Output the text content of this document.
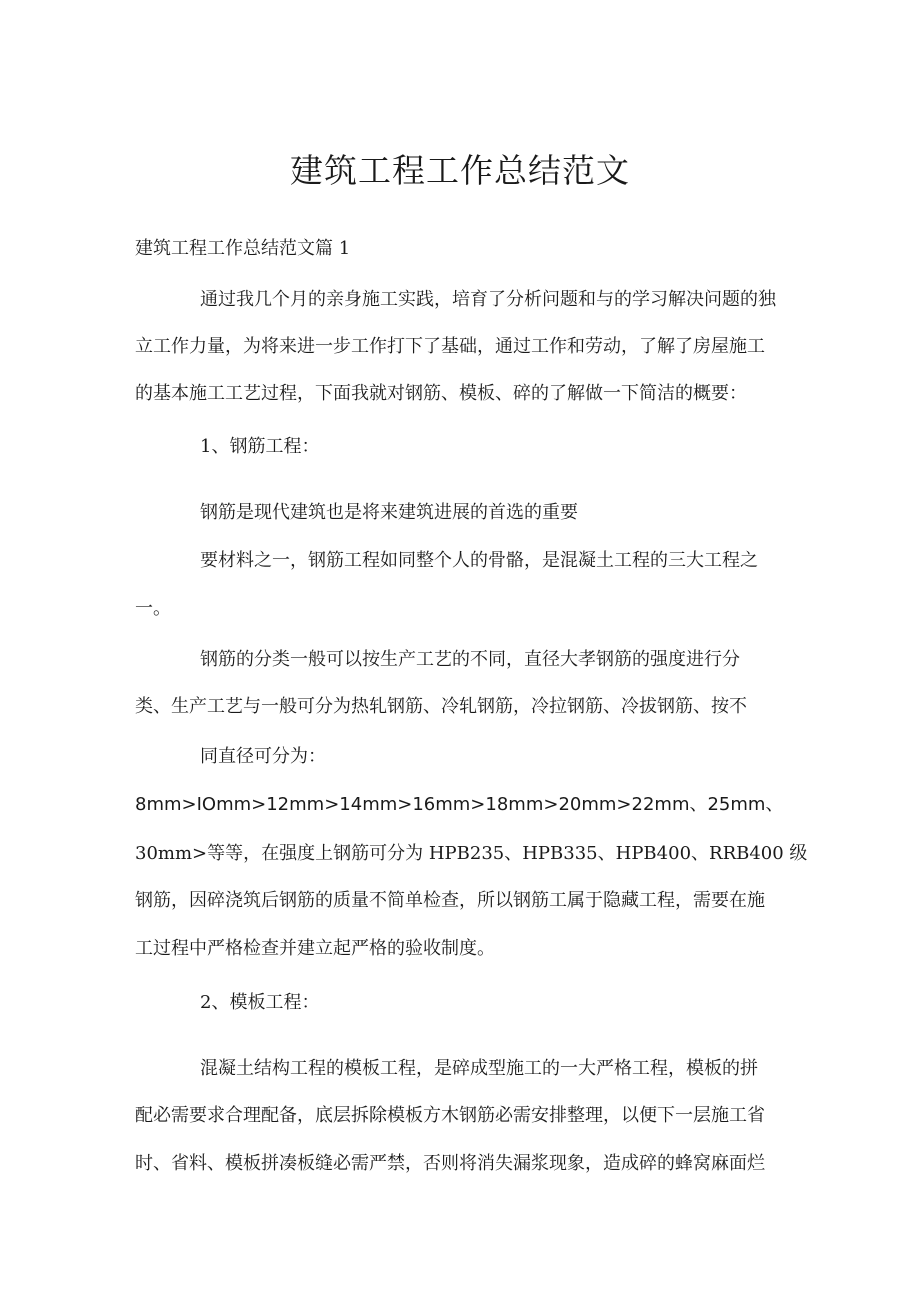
建筑工程工作总结范文
建筑工程工作总结范文篇 1
通过我几个月的亲身施工实践，培育了分析问题和与的学习解决问题的独
立工作力量，为将来进一步工作打下了基础，通过工作和劳动，了解了房屋施工
的基本施工工艺过程，下面我就对钢筋、模板、碎的了解做一下简洁的概要：
1、钢筋工程：
钢筋是现代建筑也是将来建筑进展的首选的重要
要材料之一，钢筋工程如同整个人的骨骼，是混凝土工程的三大工程之
一。
钢筋的分类一般可以按生产工艺的不同，直径大孝钢筋的强度进行分
类、生产工艺与一般可分为热轧钢筋、冷轧钢筋，冷拉钢筋、冷拔钢筋、按不
同直径可分为：
8mm>IOmm>12mm>14mm>16mm>18mm>20mm>22mm、25mm、
30mm>等等，在强度上钢筋可分为 HPB235、HPB335、HPB400、RRB400 级
钢筋，因碎浇筑后钢筋的质量不简单检查，所以钢筋工属于隐藏工程，需要在施
工过程中严格检查并建立起严格的验收制度。
2、模板工程：
混凝土结构工程的模板工程，是碎成型施工的一大严格工程，模板的拼
配必需要求合理配备，底层拆除模板方木钢筋必需安排整理，以便下一层施工省
时、省料、模板拼凑板缝必需严禁，否则将消失漏浆现象，造成碎的蜂窝麻面烂
